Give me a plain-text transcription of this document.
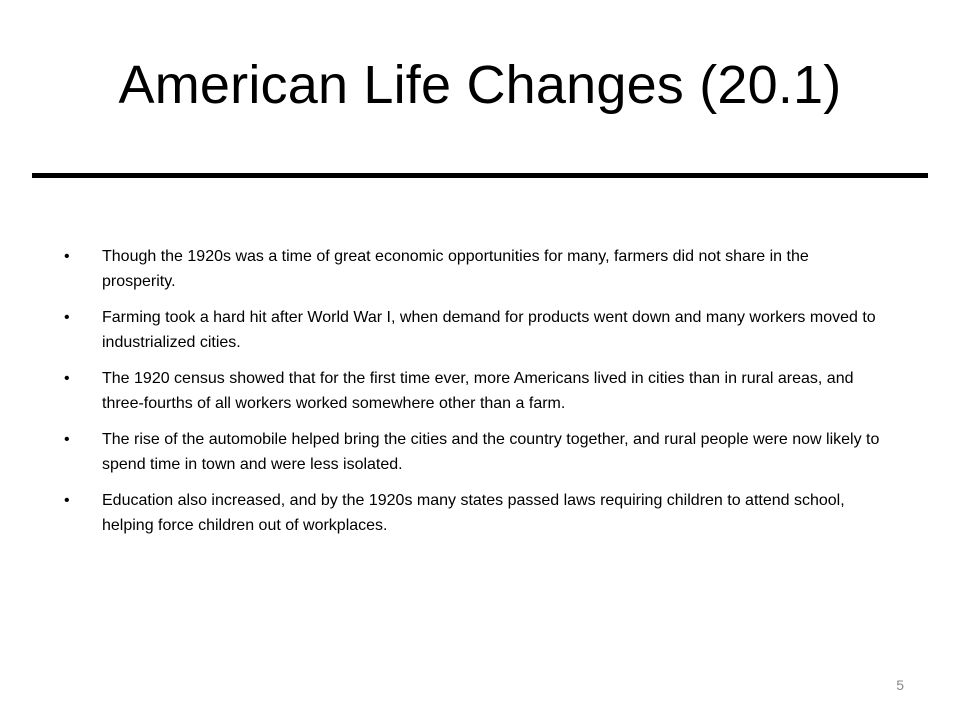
American Life Changes (20.1)
•	Though the 1920s was a time of great economic opportunities for many, farmers did not share in the prosperity.
•	Farming took a hard hit after World War I, when demand for products went down and many workers moved to industrialized cities.
•	The 1920 census showed that for the first time ever, more Americans lived in cities than in rural areas, and three-fourths of all workers worked somewhere other than a farm.
•	The rise of the automobile helped bring the cities and the country together, and rural people were now likely to spend time in town and were less isolated.
•	Education also increased, and by the 1920s many states passed laws requiring children to attend school, helping force children out of workplaces.
5
